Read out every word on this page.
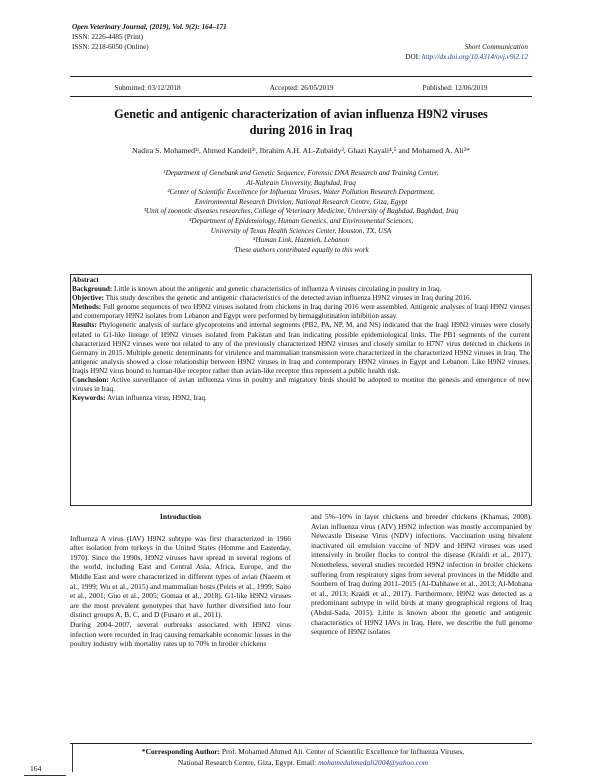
Open Veterinary Journal, (2019), Vol. 9(2): 164–171
ISSN: 2226-4485 (Print)
ISSN: 2218-6050 (Online)	Short Communication
DOI: http://dx.doi.org/10.4314/ovj.v9i2.12
Submitted: 03/12/2018	Accepted: 26/05/2019	Published: 12/06/2019
Genetic and antigenic characterization of avian influenza H9N2 viruses
during 2016 in Iraq
Nadira S. Mohamed¹ᵗ, Ahmed Kandeil²ᵗ, Ibrahim A.H. AL-Zubaidy³, Ghazi Kayali⁴,⁵ and Mohamed A. Ali²*
¹Department of Genebank and Genetic Sequence, Forensic DNA Research and Training Center,
Al-Nahrain University, Baghdad, Iraq
²Center of Scientific Excellence for Influenza Viruses, Water Pollution Research Department,
Environmental Research Division, National Research Centre, Giza, Egypt
³Unit of zoonotic diseases researches, College of Veterinary Medicine, University of Baghdad, Baghdad, Iraq
⁴Department of Epidemiology, Human Genetics, and Environmental Sciences,
University of Texas Health Sciences Center, Houston, TX, USA
⁵Human Link, Hazmieh, Lebanon
ᵗThese authors contributed equally to this work

Abstract

Background: Little is known about the antigenic and genetic characteristics of influenza A viruses circulating in poultry in Iraq.

Objective: This study describes the genetic and antigenic characteristics of the detected avian influenza H9N2 viruses in Iraq during 2016.

Methods: Full genome sequences of two H9N2 viruses isolated from chickens in Iraq during 2016 were assembled. Antigenic analyses of Iraqi H9N2 viruses and contemporary H9N2 isolates from Lebanon and Egypt were performed by hemagglutination inhibition assay.

Results: Phylogenetic analysis of surface glycoproteins and internal segments (PB2, PA, NP, M, and NS) indicated that the Iraqi H9N2 viruses were closely related to G1-like lineage of H9N2 viruses isolated from Pakistan and Iran indicating possible epidemiological links. The PB1 segments of the current characterized H9N2 viruses were not related to any of the previously characterized H9N2 viruses and closely similar to H7N7 virus detected in chickens in Germany in 2015. Multiple genetic determinants for virulence and mammalian transmission were characterized in the characterized H9N2 viruses in Iraq. The antigenic analysis showed a close relationship between H9N2 viruses in Iraq and contemporary H9N2 viruses in Egypt and Lebanon. Like H9N2 viruses, Iraqis H9N2 virus bound to human-like receptor rather than avian-like receptor thus represent a public health risk.

Conclusion: Active surveillance of avian influenza virus in poultry and migratory birds should be adopted to monitor the genesis and emergence of new viruses in Iraq.

Keywords: Avian influenza virus, H9N2, Iraq.

Introduction

Influenza A virus (IAV) H9N2 subtype was first characterized in 1966 after isolation from turkeys in the United States (Homme and Easterday, 1970). Since the 1990s, H9N2 viruses have spread in several regions of the world, including East and Central Asia, Africa, Europe, and the Middle East and were characterized in different types of avian (Naeem et al., 1999; Wu et al., 2015) and mammalian hosts (Peiris et al., 1999; Saito et al., 2001; Guo et al., 2005; Gomaa et al., 2018). G1-like H9N2 viruses are the most prevalent genotypes that have further diversified into four distinct groups A, B, C, and D (Fusaro et al., 2011).

During 2004–2007, several outbreaks associated with H9N2 virus infection were recorded in Iraq causing remarkable economic losses in the poultry industry with mortality rates up to 70% in broiler chickens

and 5%–10% in layer chickens and breeder chickens (Kharnas, 2008). Avian influenza virus (AIV) H9N2 infection was mostly accompanied by Newcastle Disease Virus (NDV) infections. Vaccination using bivalent inactivated oil emulsion vaccine of NDV and H9N2 viruses was used intensively in broiler flocks to control the disease (Kraidi et al., 2017). Nonetheless, several studies recorded H9N2 infection in broiler chickens suffering from respiratory signs from several provinces in the Middle and Southern of Iraq during 2011–2015 (Al-Dabhawe et al., 2013; Al-Mohana et al., 2013; Kraidi et al., 2017). Furthermore, H9N2 was detected as a predominant subtype in wild birds at many geographical regions of Iraq (Abdul-Sada, 2015). Little is known about the genetic and antigenic characteristics of H9N2 IAVs in Iraq. Here, we describe the full genome sequence of H9N2 isolates

*Corresponding Author: Prof. Mohamed Ahmed Ali. Center of Scientific Excellence for Influenza Viruses,
National Research Centre, Giza, Egypt. Email: mohamedahmedali2004@yahoo.com
164
